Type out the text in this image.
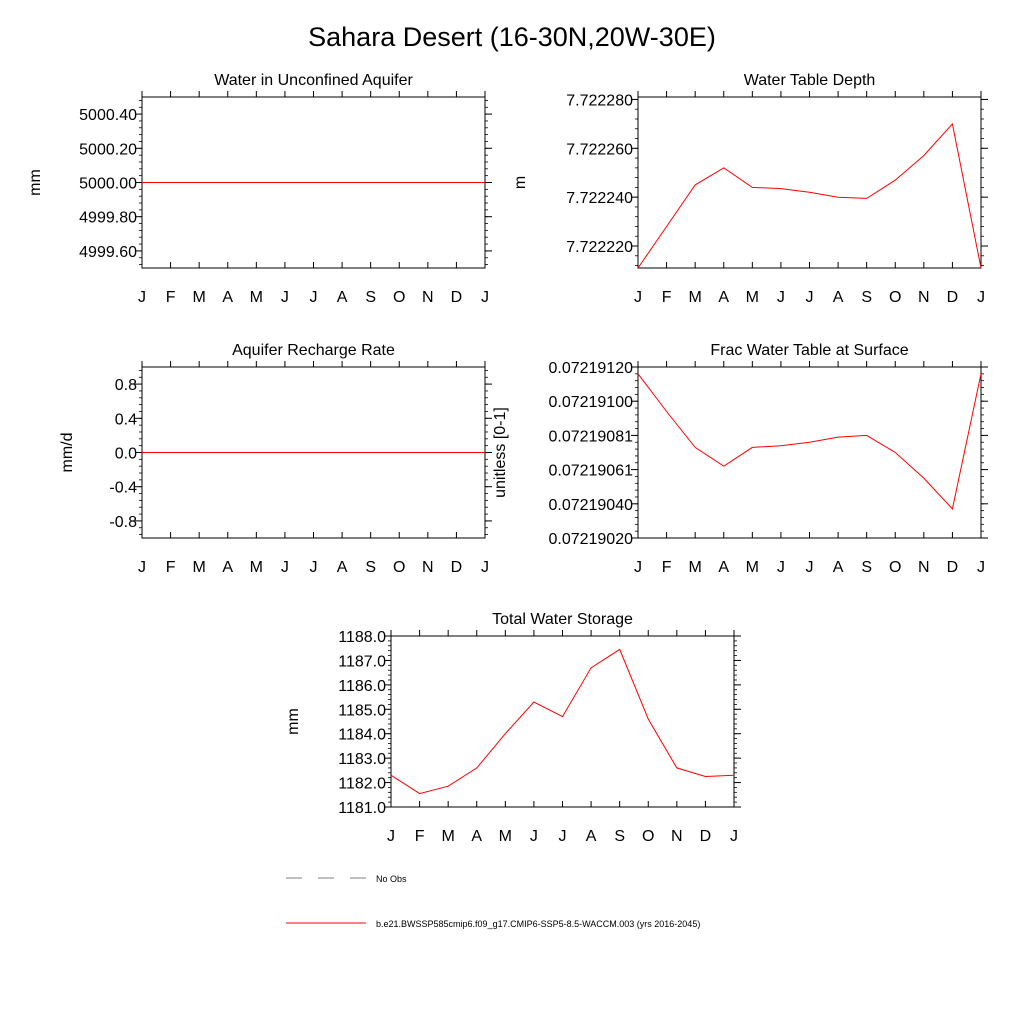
Sahara Desert (16-30N,20W-30E)
Water in Unconfined Aquifer
J F M A M J J A S O N D J
4999.60
4999.80
5000.00
5000.20
5000.40
mm
Water Table Depth
J F M A M J J A S O N D J
7.722220
7.722240
7.722260
7.722280
m
Aquifer Recharge Rate
J F M A M J J A S O N D J
-0.8
-0.4
0.0
0.4
0.8
mm/d
Frac Water Table at Surface
J F M A M J J A S O N D J
0.07219020
0.07219040
0.07219061
0.07219081
0.07219100
0.07219120
unitless [0-1]
Total Water Storage
J F M A M J J A S O N D J
1181.0
1182.0
1183.0
1184.0
1185.0
1186.0
1187.0
1188.0
mm
No Obs
b.e21.BWSSP585cmip6.f09_g17.CMIP6-SSP5-8.5-WACCM.003 (yrs 2016-2045)
